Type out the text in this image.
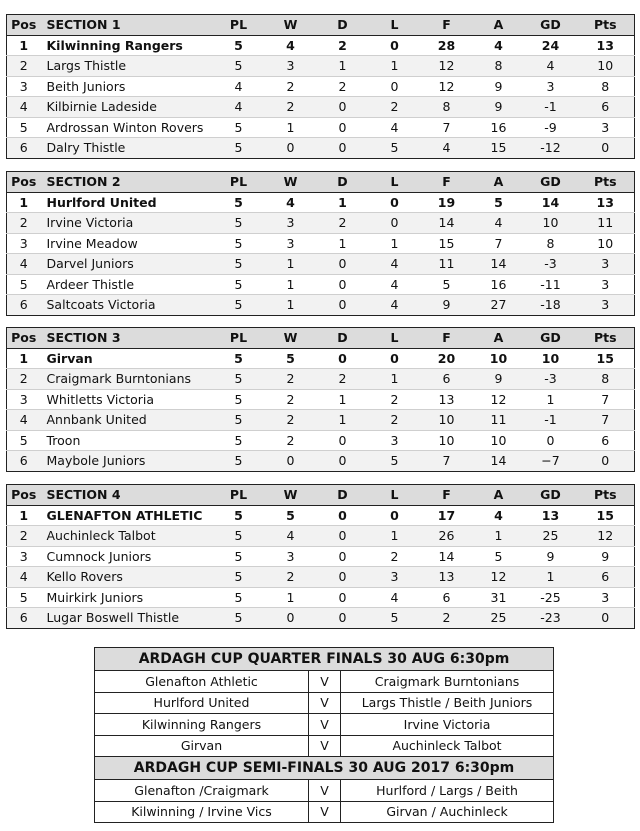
Pos	SECTION 1	PL	W	D	L	F	A	GD	Pts
1	Kilwinning Rangers	5	4	2	0	28	4	24	13
2	Largs Thistle	5	3	1	1	12	8	4	10
3	Beith Juniors	4	2	2	0	12	9	3	8
4	Kilbirnie Ladeside	4	2	0	2	8	9	-1	6
5	Ardrossan Winton Rovers	5	1	0	4	7	16	-9	3
6	Dalry Thistle	5	0	0	5	4	15	-12	0
Pos	SECTION 2	PL	W	D	L	F	A	GD	Pts
1	Hurlford United	5	4	1	0	19	5	14	13
2	Irvine Victoria	5	3	2	0	14	4	10	11
3	Irvine Meadow	5	3	1	1	15	7	8	10
4	Darvel Juniors	5	1	0	4	11	14	-3	3
5	Ardeer Thistle	5	1	0	4	5	16	-11	3
6	Saltcoats Victoria	5	1	0	4	9	27	-18	3
Pos	SECTION 3	PL	W	D	L	F	A	GD	Pts
1	Girvan	5	5	0	0	20	10	10	15
2	Craigmark Burntonians	5	2	2	1	6	9	-3	8
3	Whitletts Victoria	5	2	1	2	13	12	1	7
4	Annbank United	5	2	1	2	10	11	-1	7
5	Troon	5	2	0	3	10	10	0	6
6	Maybole Juniors	5	0	0	5	7	14	−7	0
Pos	SECTION 4	PL	W	D	L	F	A	GD	Pts
1	GLENAFTON ATHLETIC	5	5	0	0	17	4	13	15
2	Auchinleck Talbot	5	4	0	1	26	1	25	12
3	Cumnock Juniors	5	3	0	2	14	5	9	9
4	Kello Rovers	5	2	0	3	13	12	1	6
5	Muirkirk Juniors	5	1	0	4	6	31	-25	3
6	Lugar Boswell Thistle	5	0	0	5	2	25	-23	0
ARDAGH CUP QUARTER FINALS 30 AUG 6:30pm		
Glenafton Athletic	V	Craigmark Burntonians
Hurlford United	V	Largs Thistle / Beith Juniors
Kilwinning Rangers	V	Irvine Victoria
Girvan	V	Auchinleck Talbot
ARDAGH CUP SEMI-FINALS 30 AUG 2017 6:30pm		
Glenafton /Craigmark	V	Hurlford / Largs / Beith
Kilwinning / Irvine Vics	V	Girvan / Auchinleck
